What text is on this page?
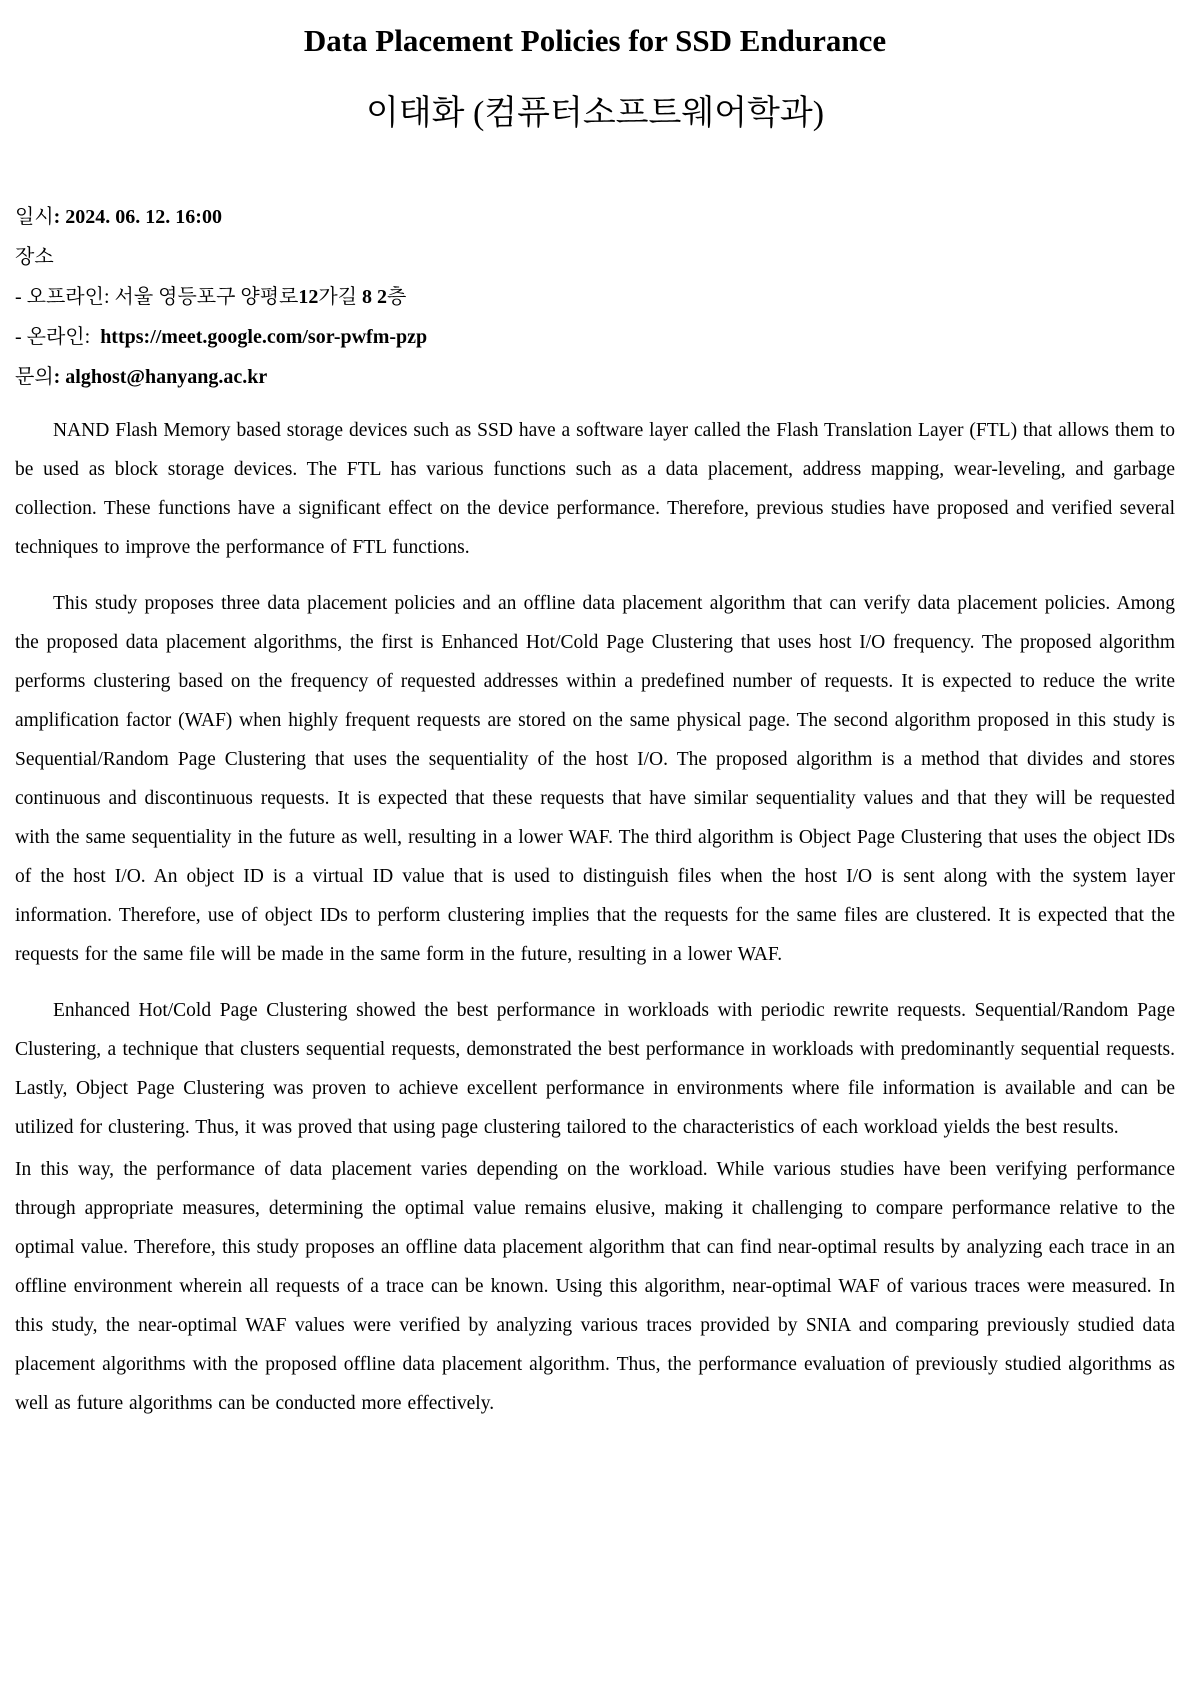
Data Placement Policies for SSD Endurance
이태화 (컴퓨터소프트웨어학과)
일시: 2024. 06. 12. 16:00
장소
- 오프라인: 서울 영등포구 양평로12가길 8 2층
- 온라인:  https://meet.google.com/sor-pwfm-pzp
문의: alghost@hanyang.ac.kr

NAND Flash Memory based storage devices such as SSD have a software layer called the Flash Translation Layer (FTL) that allows them to be used as block storage devices. The FTL has various functions such as a data placement, address mapping, wear-leveling, and garbage collection. These functions have a significant effect on the device performance. Therefore, previous studies have proposed and verified several techniques to improve the performance of FTL functions.

This study proposes three data placement policies and an offline data placement algorithm that can verify data placement policies. Among the proposed data placement algorithms, the first is Enhanced Hot/Cold Page Clustering that uses host I/O frequency. The proposed algorithm performs clustering based on the frequency of requested addresses within a predefined number of requests. It is expected to reduce the write amplification factor (WAF) when highly frequent requests are stored on the same physical page. The second algorithm proposed in this study is Sequential/Random Page Clustering that uses the sequentiality of the host I/O. The proposed algorithm is a method that divides and stores continuous and discontinuous requests. It is expected that these requests that have similar sequentiality values and that they will be requested with the same sequentiality in the future as well, resulting in a lower WAF. The third algorithm is Object Page Clustering that uses the object IDs of the host I/O. An object ID is a virtual ID value that is used to distinguish files when the host I/O is sent along with the system layer information. Therefore, use of object IDs to perform clustering implies that the requests for the same files are clustered. It is expected that the requests for the same file will be made in the same form in the future, resulting in a lower WAF.

Enhanced Hot/Cold Page Clustering showed the best performance in workloads with periodic rewrite requests. Sequential/Random Page Clustering, a technique that clusters sequential requests, demonstrated the best performance in workloads with predominantly sequential requests. Lastly, Object Page Clustering was proven to achieve excellent performance in environments where file information is available and can be utilized for clustering. Thus, it was proved that using page clustering tailored to the characteristics of each workload yields the best results.

In this way, the performance of data placement varies depending on the workload. While various studies have been verifying performance through appropriate measures, determining the optimal value remains elusive, making it challenging to compare performance relative to the optimal value. Therefore, this study proposes an offline data placement algorithm that can find near-optimal results by analyzing each trace in an offline environment wherein all requests of a trace can be known. Using this algorithm, near-optimal WAF of various traces were measured. In this study, the near-optimal WAF values were verified by analyzing various traces provided by SNIA and comparing previously studied data placement algorithms with the proposed offline data placement algorithm. Thus, the performance evaluation of previously studied algorithms as well as future algorithms can be conducted more effectively.
